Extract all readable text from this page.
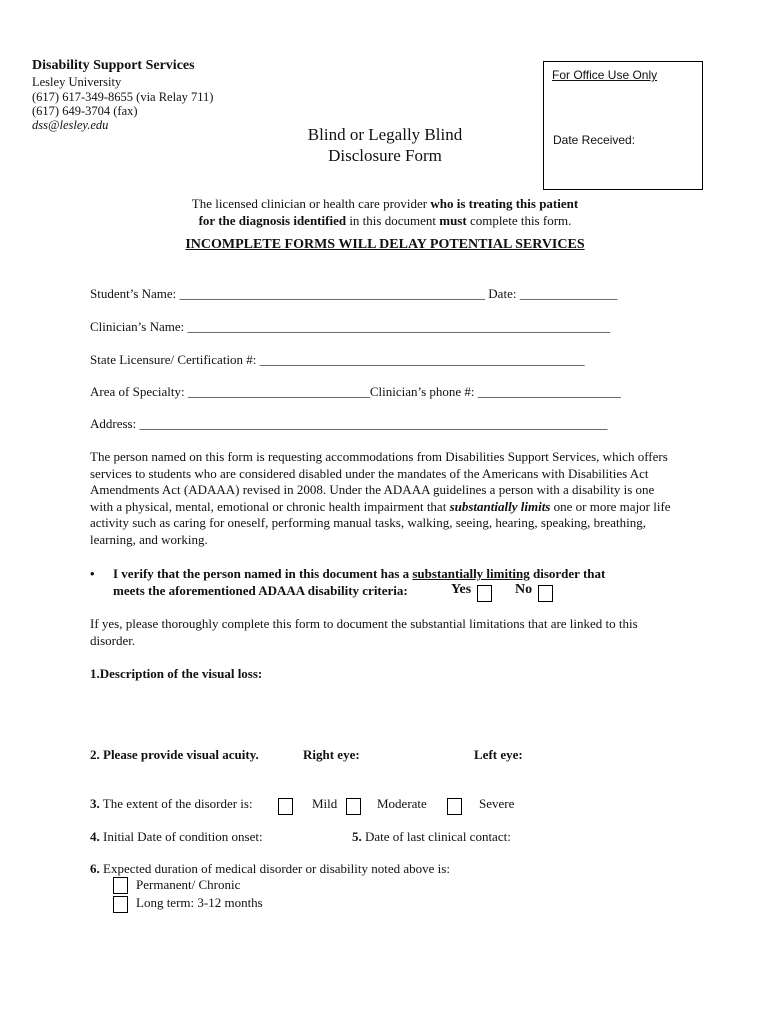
Disability Support Services
Lesley University
(617) 617-349-8655 (via Relay 711)
(617) 649-3704 (fax)
dss@lesley.edu
For Office Use Only
Date Received:
Blind or Legally Blind
Disclosure Form
The licensed clinician or health care provider who is treating this patient
for the diagnosis identified in this document must complete this form.
INCOMPLETE FORMS WILL DELAY POTENTIAL SERVICES
Student’s Name: _______________________________________________ Date: _______________
Clinician’s Name: _________________________________________________________________
State Licensure/ Certification #: __________________________________________________
Area of Specialty: ____________________________Clinician’s phone #: ______________________
Address: ________________________________________________________________________
The person named on this form is requesting accommodations from Disabilities Support Services, which offers services to students who are considered disabled under the mandates of the Americans with Disabilities Act Amendments Act (ADAAA) revised in 2008. Under the ADAAA guidelines a person with a disability is one with a physical, mental, emotional or chronic health impairment that substantially limits one or more major life activity such as caring for oneself, performing manual tasks, walking, seeing, hearing, speaking, breathing, learning, and working.
• I verify that the person named in this document has a substantially limiting disorder that
meets the aforementioned ADAAA disability criteria:	Yes	No
If yes, please thoroughly complete this form to document the substantial limitations that are linked to this disorder.
1.Description of the visual loss:
2. Please provide visual acuity.	Right eye:	Left eye:
3. The extent of the disorder is:	Mild	Moderate	Severe
4. Initial Date of condition onset:	5. Date of last clinical contact:
6. Expected duration of medical disorder or disability noted above is:
Permanent/ Chronic
Long term: 3-12 months
